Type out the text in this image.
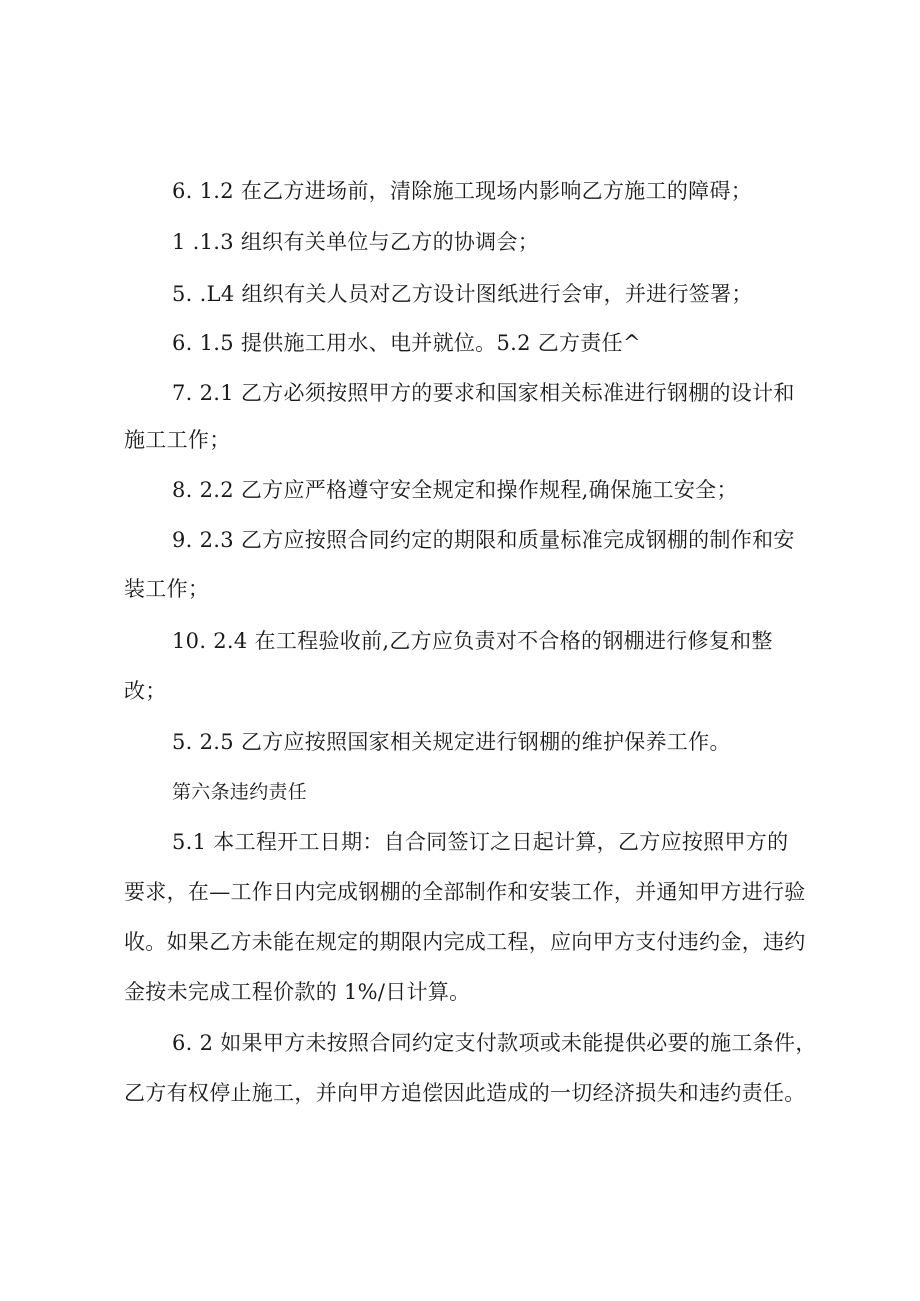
6. 1.2 在乙方进场前，清除施工现场内影响乙方施工的障碍；
1 .1.3 组织有关单位与乙方的协调会；
5. .L4 组织有关人员对乙方设计图纸进行会审，并进行签署；
6. 1.5 提供施工用水、电并就位。5.2 乙方责任^
7. 2.1 乙方必须按照甲方的要求和国家相关标准进行钢棚的设计和
施工工作；
8. 2.2 乙方应严格遵守安全规定和操作规程,确保施工安全；
9. 2.3 乙方应按照合同约定的期限和质量标准完成钢棚的制作和安
装工作；
10. 2.4 在工程验收前,乙方应负责对不合格的钢棚进行修复和整
改；
5. 2.5 乙方应按照国家相关规定进行钢棚的维护保养工作。
第六条违约责任
5.1 本工程开工日期：自合同签订之日起计算，乙方应按照甲方的
要求，在—工作日内完成钢棚的全部制作和安装工作，并通知甲方进行验
收。如果乙方未能在规定的期限内完成工程，应向甲方支付违约金，违约
金按未完成工程价款的 1%/日计算。
6. 2 如果甲方未按照合同约定支付款项或未能提供必要的施工条件，
乙方有权停止施工，并向甲方追偿因此造成的一切经济损失和违约责任。
